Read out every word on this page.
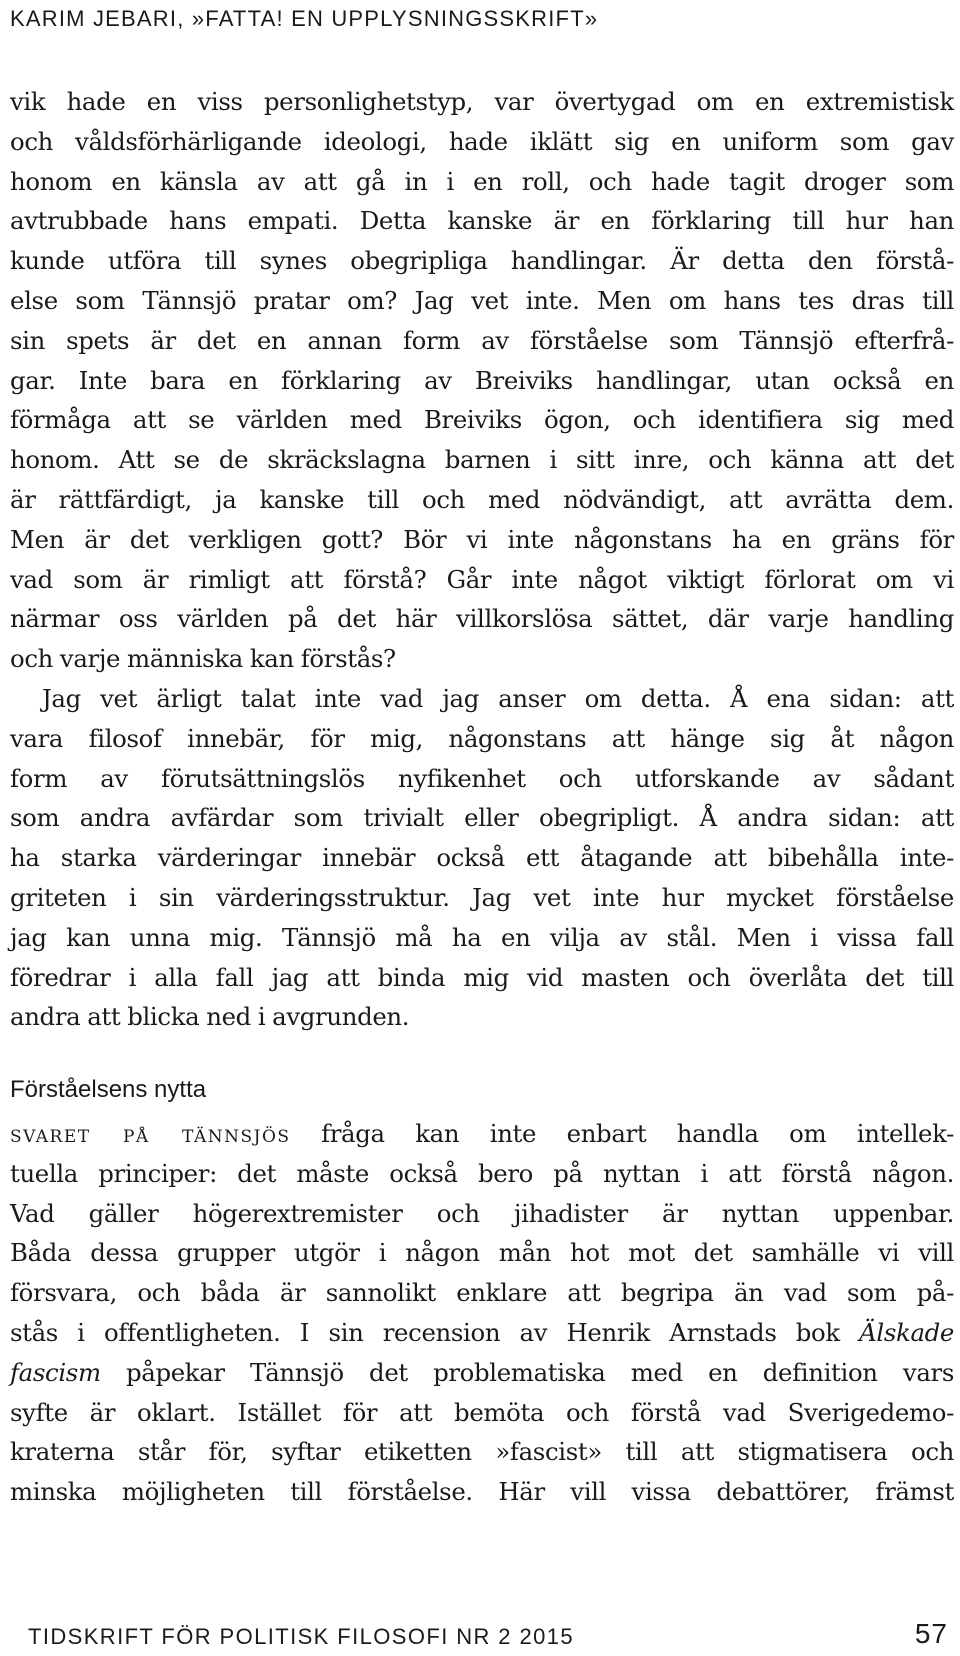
KARIM JEBARI, »FATTA! EN UPPLYSNINGSSKRIFT»
vik hade en viss personlighetstyp, var övertygad om en extremistisk
och våldsförhärligande ideologi, hade iklätt sig en uniform som gav
honom en känsla av att gå in i en roll, och hade tagit droger som
avtrubbade hans empati. Detta kanske är en förklaring till hur han
kunde utföra till synes obegripliga handlingar. Är detta den förstå-
else som Tännsjö pratar om? Jag vet inte. Men om hans tes dras till
sin spets är det en annan form av förståelse som Tännsjö efterfrå-
gar. Inte bara en förklaring av Breiviks handlingar, utan också en
förmåga att se världen med Breiviks ögon, och identifiera sig med
honom. Att se de skräckslagna barnen i sitt inre, och känna att det
är rättfärdigt, ja kanske till och med nödvändigt, att avrätta dem.
Men är det verkligen gott? Bör vi inte någonstans ha en gräns för
vad som är rimligt att förstå? Går inte något viktigt förlorat om vi
närmar oss världen på det här villkorslösa sättet, där varje handling
och varje människa kan förstås?
Jag vet ärligt talat inte vad jag anser om detta. Å ena sidan: att
vara filosof innebär, för mig, någonstans att hänge sig åt någon
form av förutsättningslös nyfikenhet och utforskande av sådant
som andra avfärdar som trivialt eller obegripligt. Å andra sidan: att
ha starka värderingar innebär också ett åtagande att bibehålla inte-
griteten i sin värderingsstruktur. Jag vet inte hur mycket förståelse
jag kan unna mig. Tännsjö må ha en vilja av stål. Men i vissa fall
föredrar i alla fall jag att binda mig vid masten och överlåta det till
andra att blicka ned i avgrunden.
Förståelsens nytta
svaret på tännsjös fråga kan inte enbart handla om intellek-
tuella principer: det måste också bero på nyttan i att förstå någon.
Vad gäller högerextremister och jihadister är nyttan uppenbar.
Båda dessa grupper utgör i någon mån hot mot det samhälle vi vill
försvara, och båda är sannolikt enklare att begripa än vad som på-
stås i offentligheten. I sin recension av Henrik Arnstads bok Älskade
fascism påpekar Tännsjö det problematiska med en definition vars
syfte är oklart. Istället för att bemöta och förstå vad Sverigedemo-
kraterna står för, syftar etiketten »fascist» till att stigmatisera och
minska möjligheten till förståelse. Här vill vissa debattörer, främst
TIDSKRIFT FÖR POLITISK FILOSOFI NR 2 2015	57
